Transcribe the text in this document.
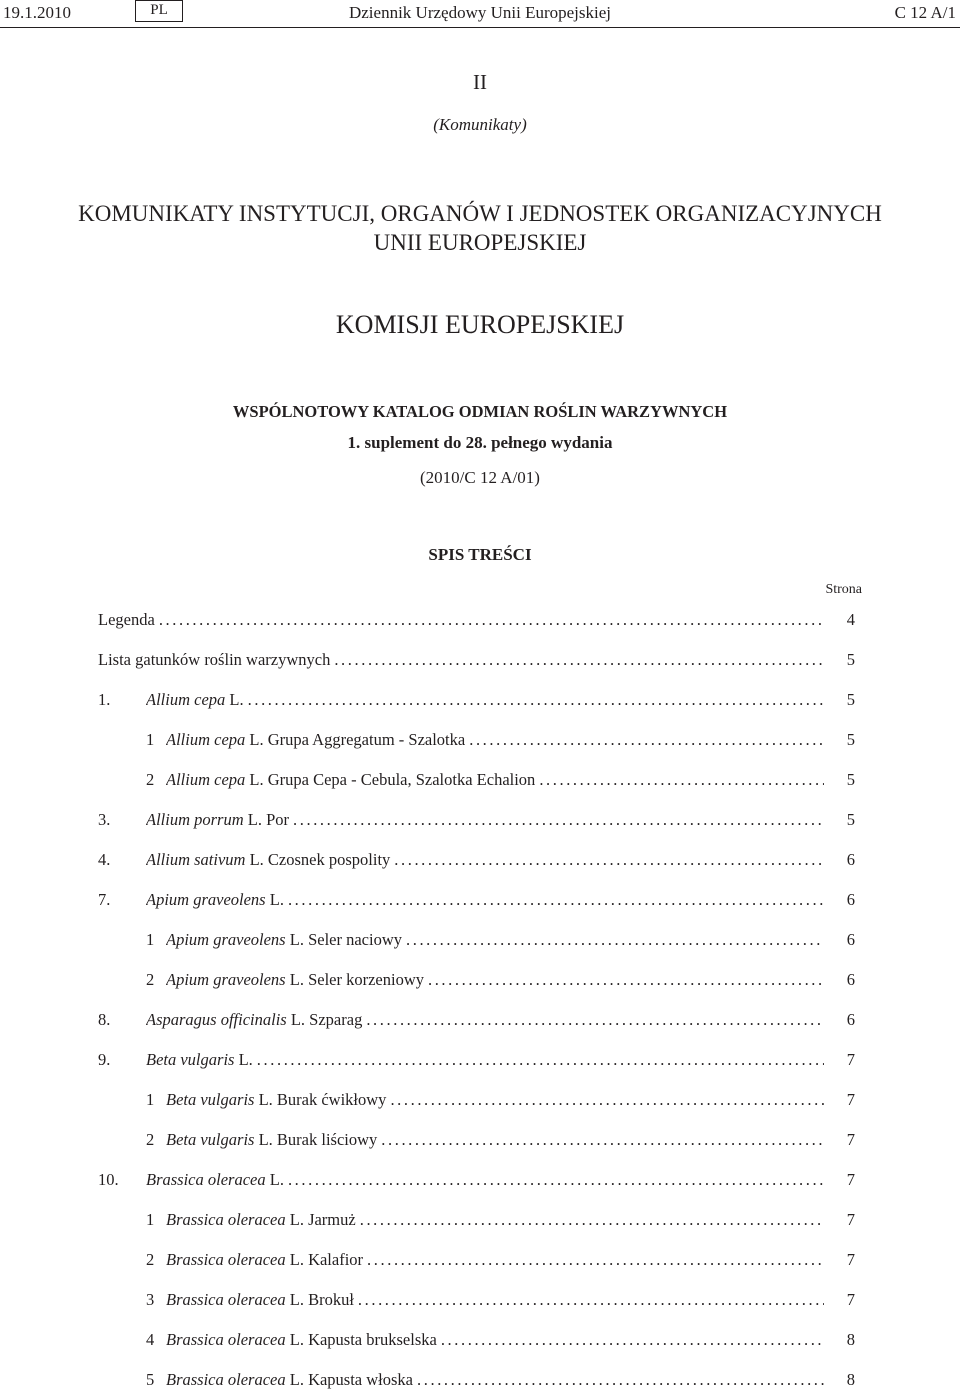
19.1.2010	PL	Dziennik Urzędowy Unii Europejskiej	C 12 A/1
II
(Komunikaty)
KOMUNIKATY INSTYTUCJI, ORGANÓW I JEDNOSTEK ORGANIZACYJNYCH
UNII EUROPEJSKIEJ
KOMISJI EUROPEJSKIEJ
WSPÓLNOTOWY KATALOG ODMIAN ROŚLIN WARZYWNYCH
1. suplement do 28. pełnego wydania
(2010/C 12 A/01)
SPIS TREŚCI
Strona
Legenda .....	4
Lista gatunków roślin warzywnych .....	5
1. Allium cepa L. .....	5
1 Allium cepa L. Grupa Aggregatum - Szalotka .....	5
2 Allium cepa L. Grupa Cepa - Cebula, Szalotka Echalion .....	5
3. Allium porrum L. Por .....	5
4. Allium sativum L. Czosnek pospolity .....	6
7. Apium graveolens L. .....	6
1 Apium graveolens L. Seler naciowy .....	6
2 Apium graveolens L. Seler korzeniowy .....	6
8. Asparagus officinalis L. Szparag .....	6
9. Beta vulgaris L. .....	7
1 Beta vulgaris L. Burak ćwikłowy .....	7
2 Beta vulgaris L. Burak liściowy .....	7
10. Brassica oleracea L. .....	7
1 Brassica oleracea L. Jarmuż .....	7
2 Brassica oleracea L. Kalafior .....	7
3 Brassica oleracea L. Brokuł .....	7
4 Brassica oleracea L. Kapusta brukselska .....	8
5 Brassica oleracea L. Kapusta włoska .....	8
